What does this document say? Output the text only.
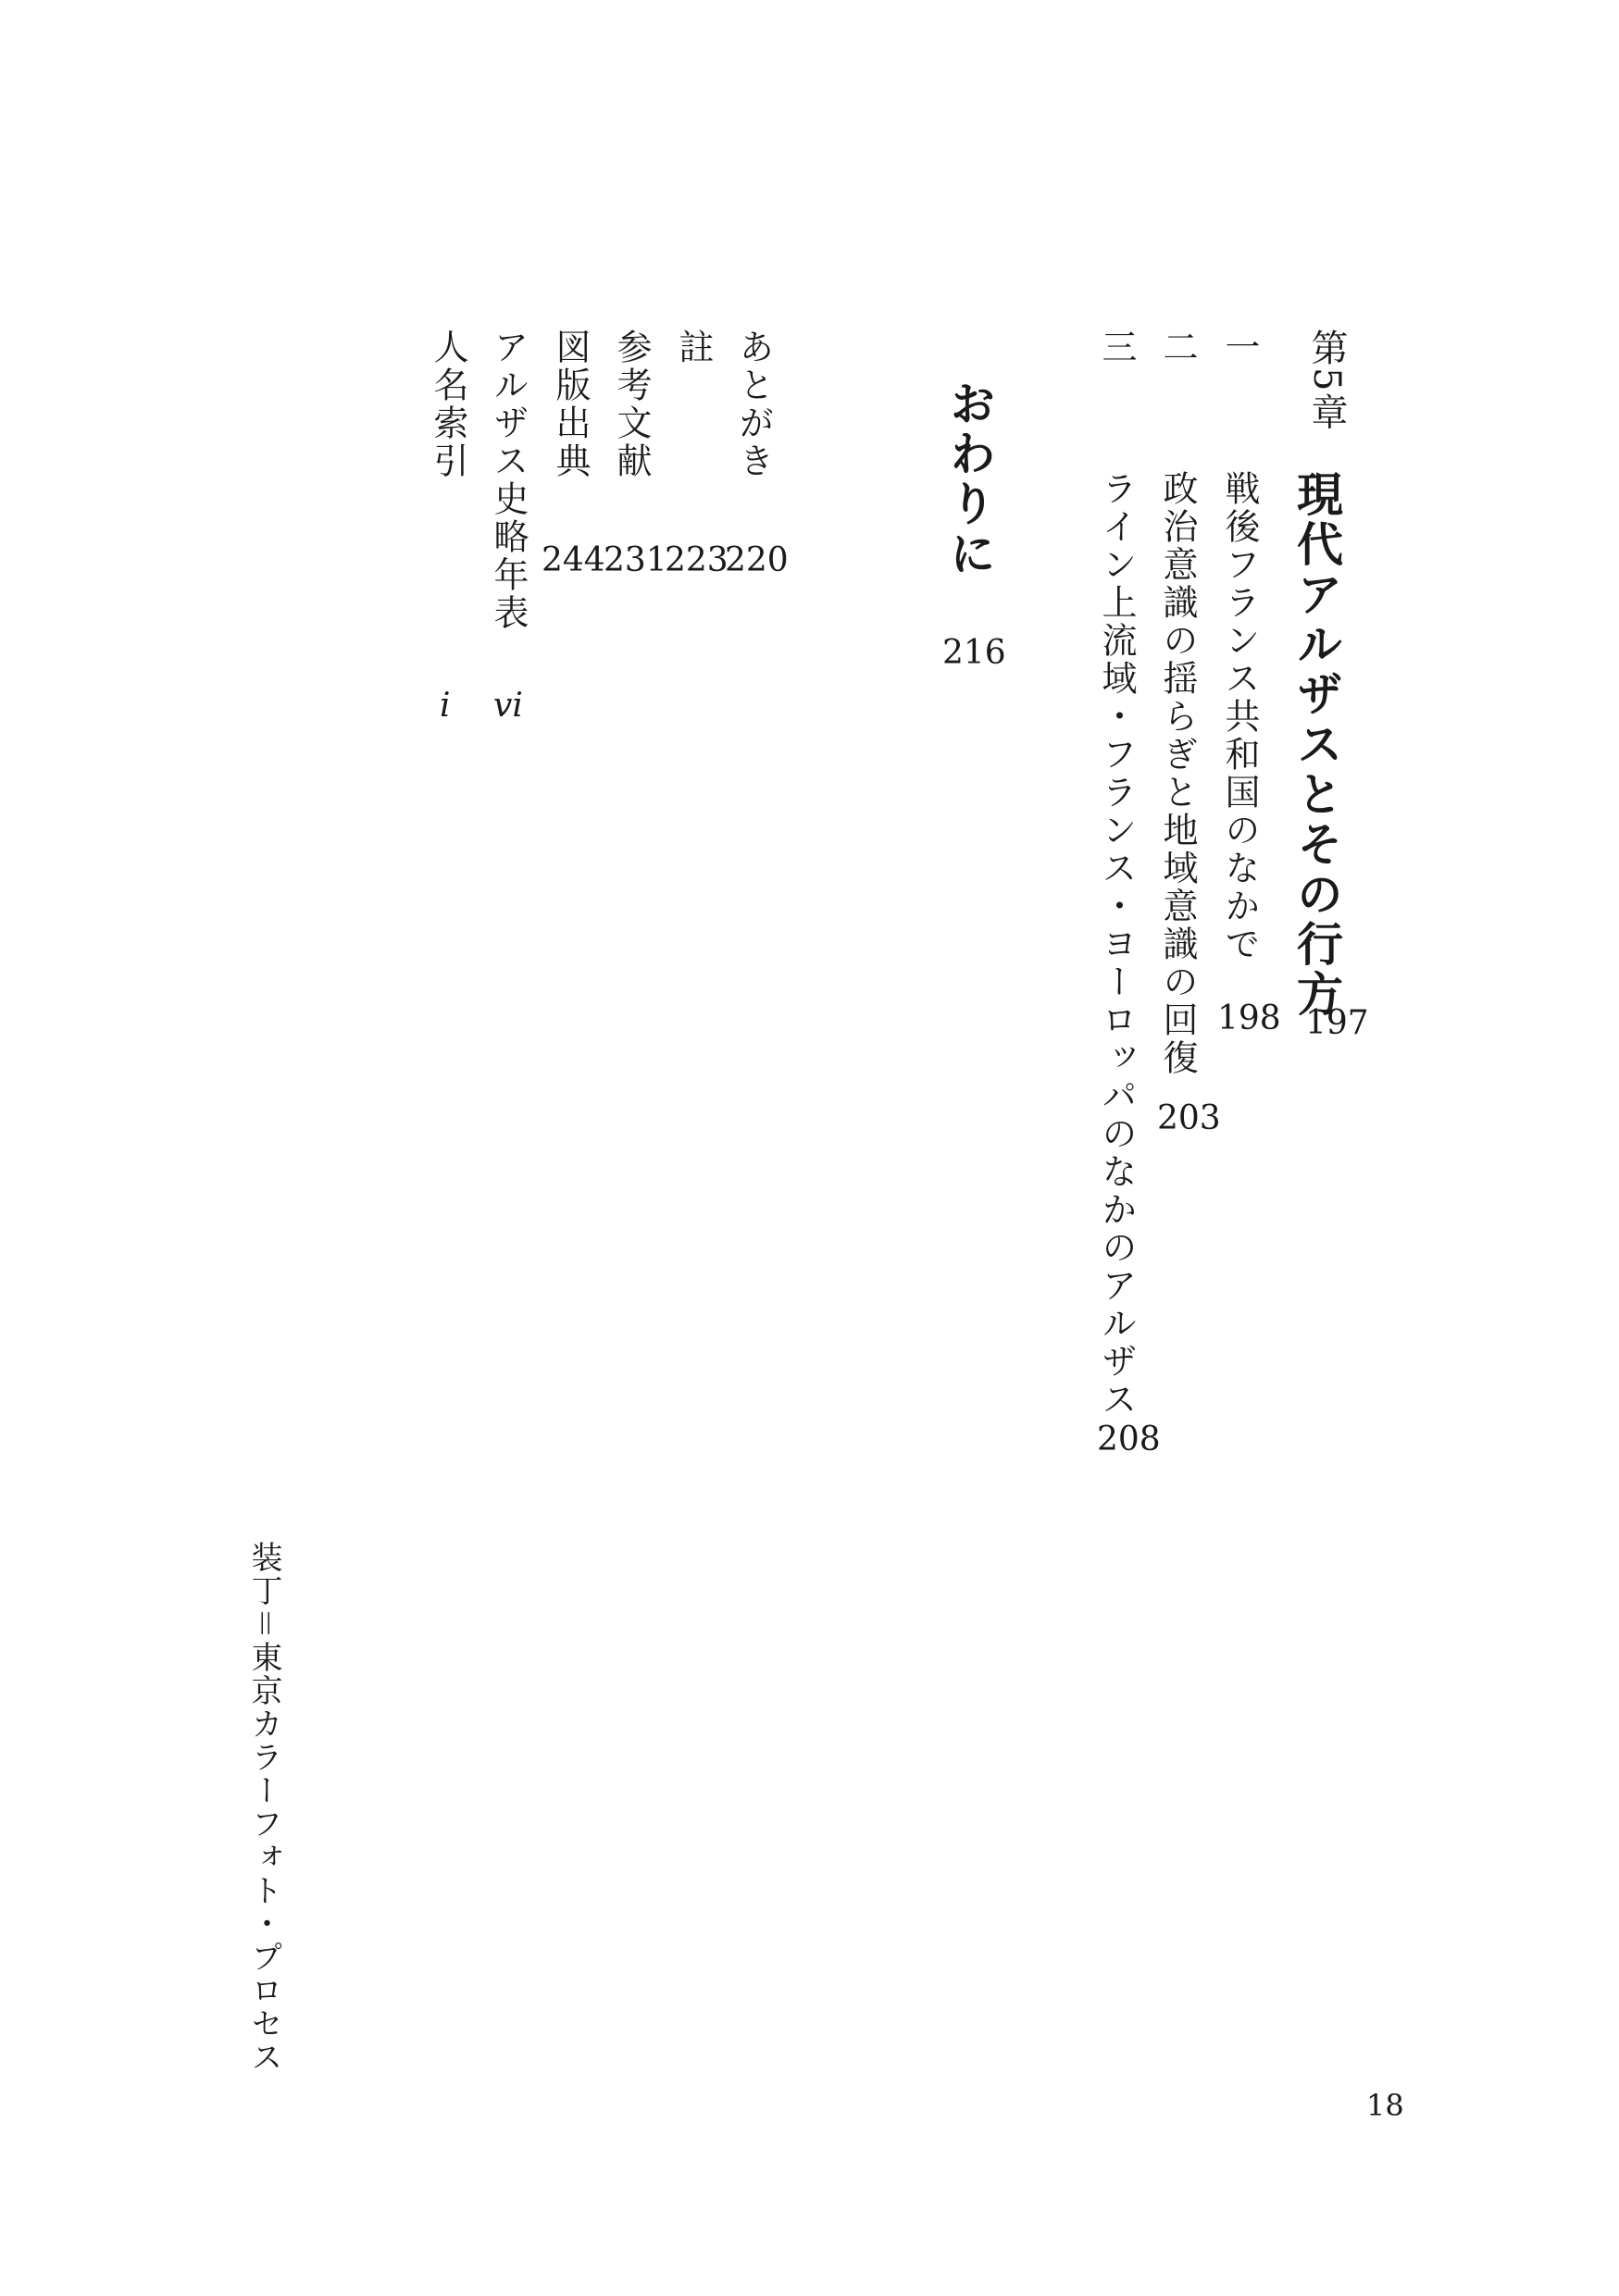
第5章
現代アルザスとその行方
197
一
戦後フランス共和国のなかで
198
二
政治意識の揺らぎと地域意識の回復
203
三
ライン上流域・フランス・ヨーロッパのなかのアルザス
208
おわりに
216
あとがき
220
註
223
参考文献
231
図版出典
244
アルザス史略年表
vi
人名索引
i
装丁＝東京カラーフォト・プロセス
18
